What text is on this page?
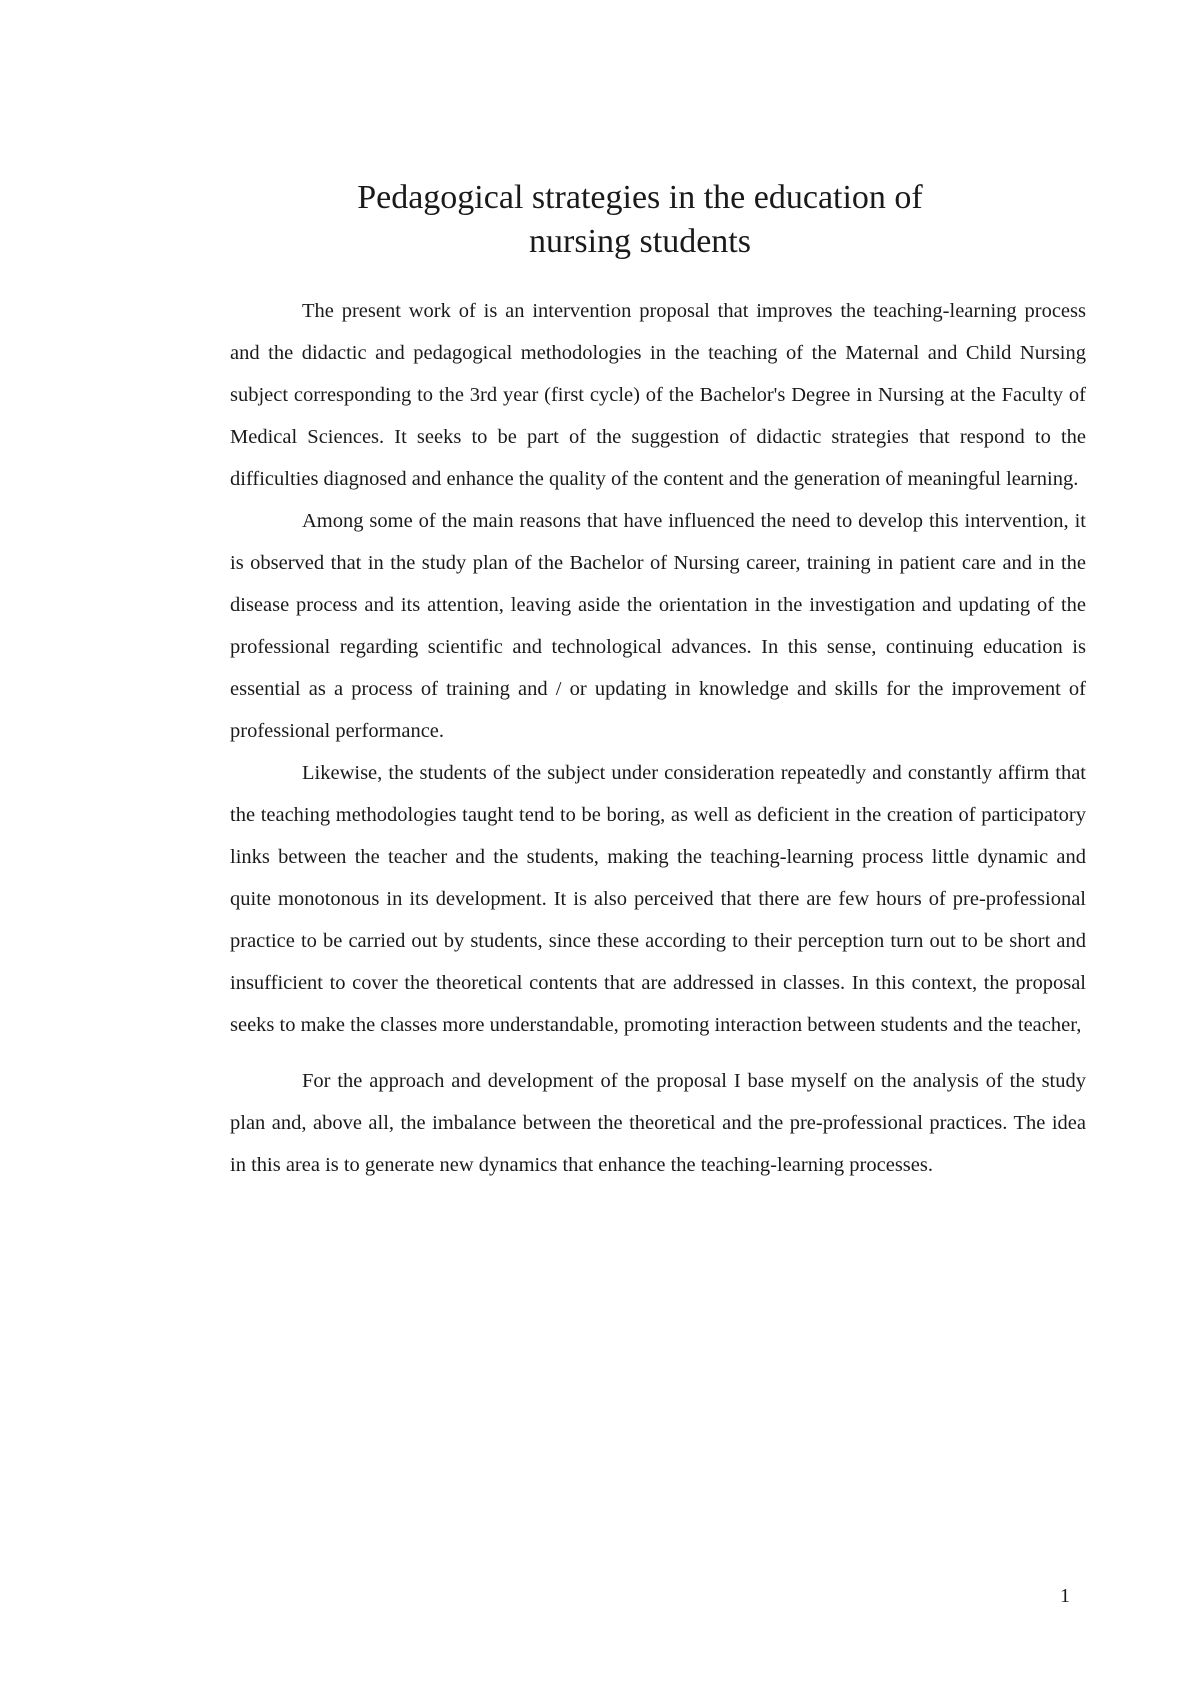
Pedagogical strategies in the education of
nursing students

The present work of is an intervention proposal that improves the teaching-learning process and the didactic and pedagogical methodologies in the teaching of the Maternal and Child Nursing subject corresponding to the 3rd year (first cycle) of the Bachelor's Degree in Nursing at the Faculty of Medical Sciences. It seeks to be part of the suggestion of didactic strategies that respond to the difficulties diagnosed and enhance the quality of the content and the generation of meaningful learning.

Among some of the main reasons that have influenced the need to develop this intervention, it is observed that in the study plan of the Bachelor of Nursing career, training in patient care and in the disease process and its attention, leaving aside the orientation in the investigation and updating of the professional regarding scientific and technological advances. In this sense, continuing education is essential as a process of training and / or updating in knowledge and skills for the improvement of professional performance.

Likewise, the students of the subject under consideration repeatedly and constantly affirm that the teaching methodologies taught tend to be boring, as well as deficient in the creation of participatory links between the teacher and the students, making the teaching-learning process little dynamic and quite monotonous in its development. It is also perceived that there are few hours of pre-professional practice to be carried out by students, since these according to their perception turn out to be short and insufficient to cover the theoretical contents that are addressed in classes. In this context, the proposal seeks to make the classes more understandable, promoting interaction between students and the teacher,

For the approach and development of the proposal I base myself on the analysis of the study plan and, above all, the imbalance between the theoretical and the pre-professional practices. The idea in this area is to generate new dynamics that enhance the teaching-learning processes.

1
